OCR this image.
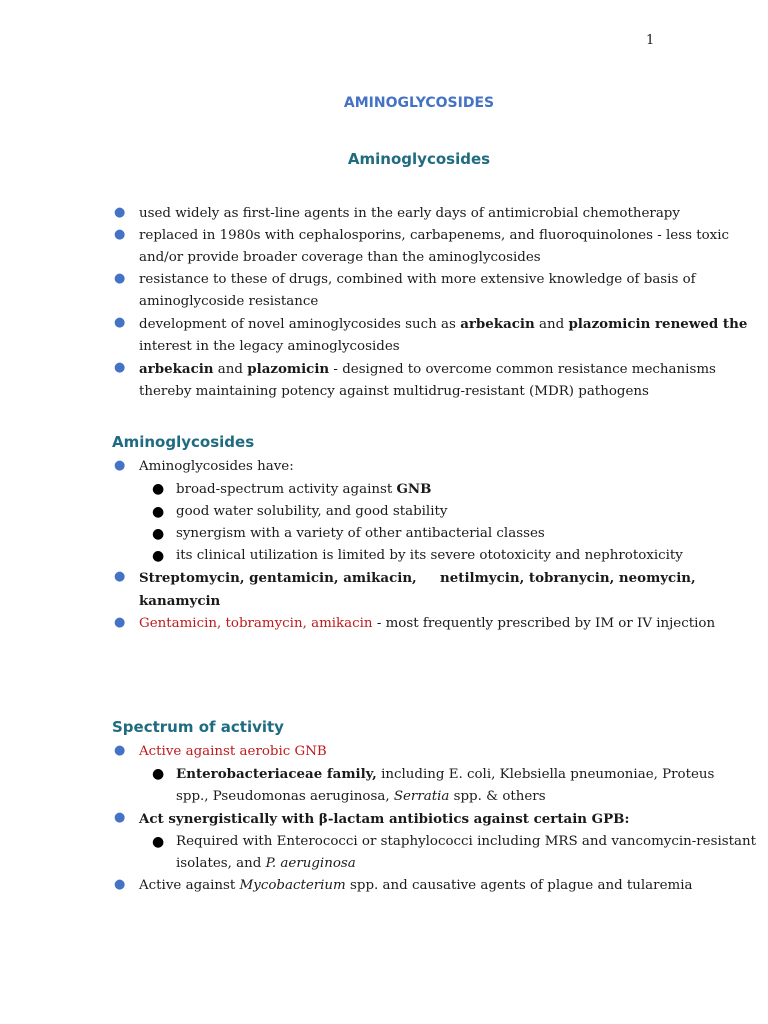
1
AMINOGLYCOSIDES
Aminoglycosides
● used widely as first-line agents in the early days of antimicrobial chemotherapy
● replaced in 1980s with cephalosporins, carbapenems, and fluoroquinolones - less toxic
and/or provide broader coverage than the aminoglycosides
● resistance to these of drugs, combined with more extensive knowledge of basis of
aminoglycoside resistance
● development of novel aminoglycosides such as arbekacin and plazomicin renewed the
interest in the legacy aminoglycosides
● arbekacin and plazomicin - designed to overcome common resistance mechanisms
thereby maintaining potency against multidrug-resistant (MDR) pathogens
Aminoglycosides
● Aminoglycosides have:
● broad-spectrum activity against GNB
● good water solubility, and good stability
● synergism with a variety of other antibacterial classes
● its clinical utilization is limited by its severe ototoxicity and nephrotoxicity
● Streptomycin, gentamicin, amikacin,     netilmycin, tobranycin, neomycin,
kanamycin
● Gentamicin, tobramycin, amikacin - most frequently prescribed by IM or IV injection
Spectrum of activity
● Active against aerobic GNB
● Enterobacteriaceae family, including E. coli, Klebsiella pneumoniae, Proteus
spp., Pseudomonas aeruginosa, Serratia spp. & others
● Act synergistically with β-lactam antibiotics against certain GPB:
● Required with Enterococci or staphylococci including MRS and vancomycin-resistant
isolates, and P. aeruginosa
● Active against Mycobacterium spp. and causative agents of plague and tularemia
